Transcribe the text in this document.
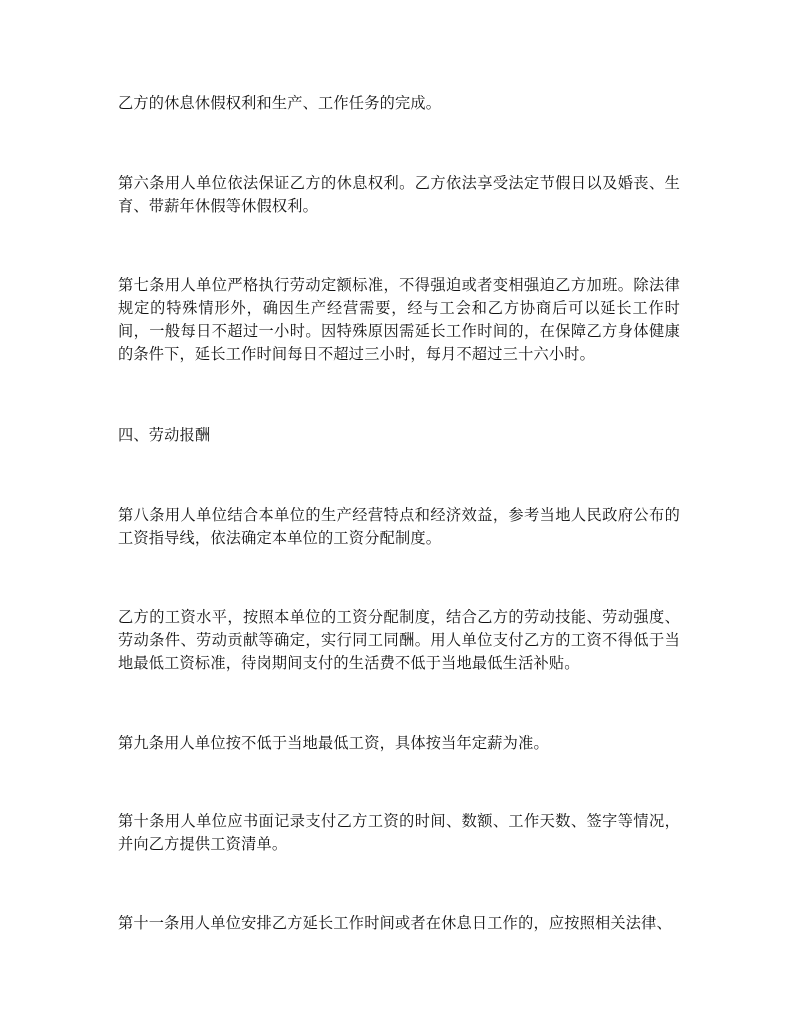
乙方的休息休假权利和生产、工作任务的完成。

第六条用人单位依法保证乙方的休息权利。乙方依法享受法定节假日以及婚丧、生育、带薪年休假等休假权利。

第七条用人单位严格执行劳动定额标准，不得强迫或者变相强迫乙方加班。除法律规定的特殊情形外，确因生产经营需要，经与工会和乙方协商后可以延长工作时间，一般每日不超过一小时。因特殊原因需延长工作时间的，在保障乙方身体健康的条件下，延长工作时间每日不超过三小时，每月不超过三十六小时。

四、劳动报酬

第八条用人单位结合本单位的生产经营特点和经济效益，参考当地人民政府公布的工资指导线，依法确定本单位的工资分配制度。

乙方的工资水平，按照本单位的工资分配制度，结合乙方的劳动技能、劳动强度、劳动条件、劳动贡献等确定，实行同工同酬。用人单位支付乙方的工资不得低于当地最低工资标准，待岗期间支付的生活费不低于当地最低生活补贴。

第九条用人单位按不低于当地最低工资，具体按当年定薪为准。

第十条用人单位应书面记录支付乙方工资的时间、数额、工作天数、签字等情况，并向乙方提供工资清单。

第十一条用人单位安排乙方延长工作时间或者在休息日工作的，应按照相关法律、
